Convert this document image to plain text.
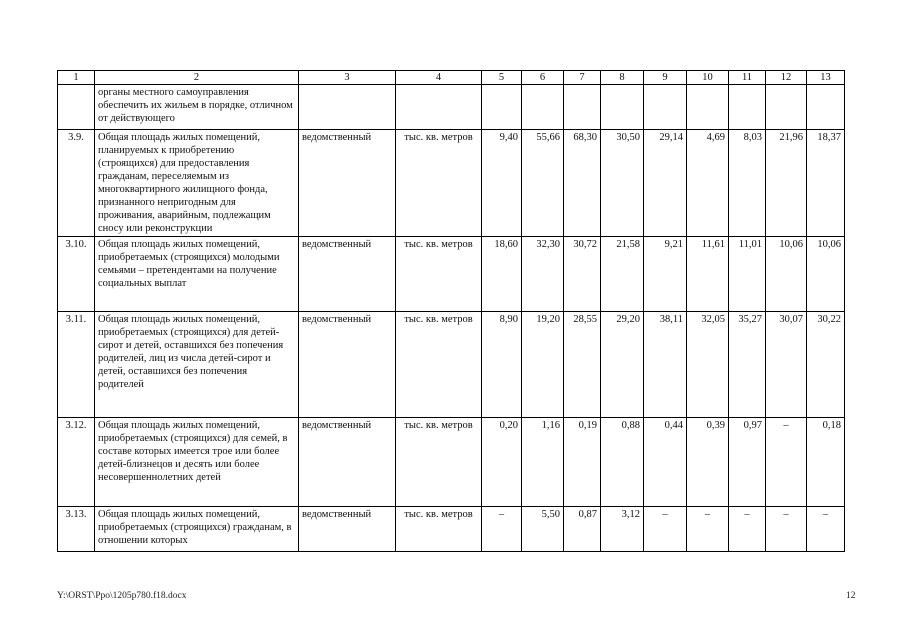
1	2	3	4	5	6	7	8	9	10	11	12	13
	органы местного самоуправления обеспечить их жильем в порядке, отличном от действующего											
3.9.	Общая площадь жилых помещений, планируемых к приобретению (строящихся) для предоставления гражданам, переселяемым из многоквартирного жилищного фонда, признанного непригодным для проживания, аварийным, подлежащим сносу или реконструкции	ведомственный	тыс. кв. метров	9,40	55,66	68,30	30,50	29,14	4,69	8,03	21,96	18,37
3.10.	Общая площадь жилых помещений, приобретаемых (строящихся) молодыми семьями – претендентами на получение социальных выплат	ведомственный	тыс. кв. метров	18,60	32,30	30,72	21,58	9,21	11,61	11,01	10,06	10,06
3.11.	Общая площадь жилых помещений, приобретаемых (строящихся) для детей-сирот и детей, оставшихся без попечения родителей, лиц из числа детей-сирот и детей, оставшихся без попечения родителей	ведомственный	тыс. кв. метров	8,90	19,20	28,55	29,20	38,11	32,05	35,27	30,07	30,22
3.12.	Общая площадь жилых помещений, приобретаемых (строящихся) для семей, в составе которых имеется трое или более детей-близнецов и десять или более несовершеннолетних детей	ведомственный	тыс. кв. метров	0,20	1,16	0,19	0,88	0,44	0,39	0,97	–	0,18
3.13.	Общая площадь жилых помещений, приобретаемых (строящихся) гражданам, в отношении которых	ведомственный	тыс. кв. метров	–	5,50	0,87	3,12	–	–	–	–	–
Y:\ORST\Ppo\1205p780.f18.docx	12
